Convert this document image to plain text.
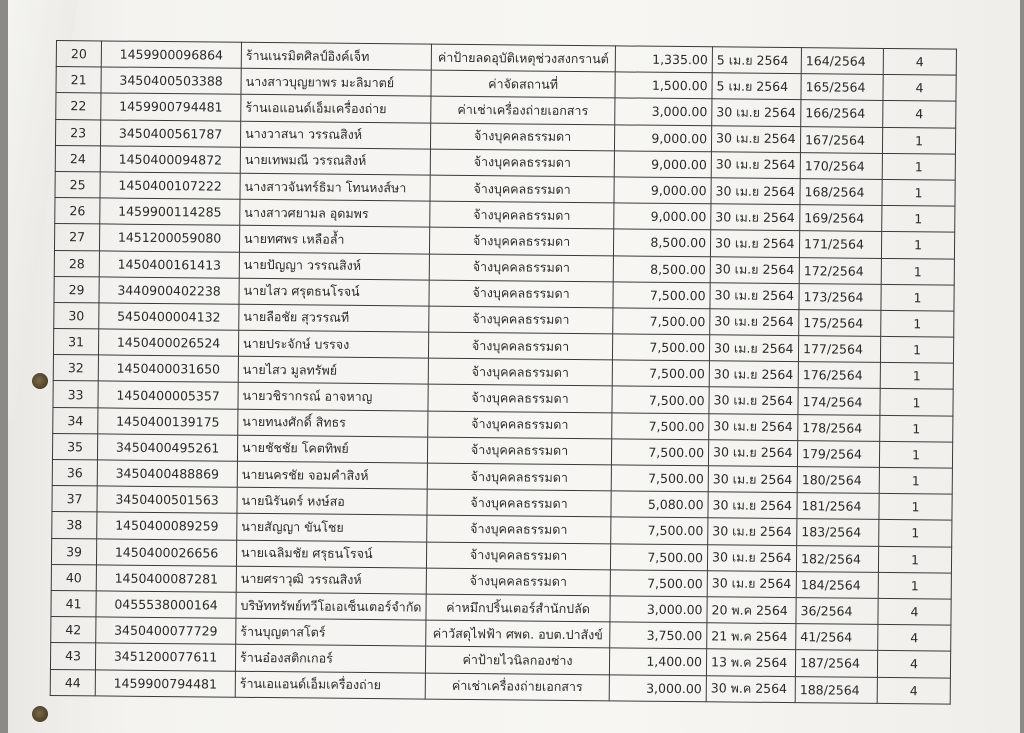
20	1459900096864	ร้านเนรมิตศิลป์อิงค์เจ็ท	ค่าป้ายลดอุบัติเหตุช่วงสงกรานต์	1,335.00	5 เม.ย 2564	164/2564	4
21	3450400503388	นางสาวบุญยาพร มะลิมาตย์	ค่าจัดสถานที่	1,500.00	5 เม.ย 2564	165/2564	4
22	1459900794481	ร้านเอแอนด์เอ็มเครื่องถ่าย	ค่าเช่าเครื่องถ่ายเอกสาร	3,000.00	30 เม.ย 2564	166/2564	4
23	3450400561787	นางวาสนา วรรณสิงห์	จ้างบุคคลธรรมดา	9,000.00	30 เม.ย 2564	167/2564	1
24	1450400094872	นายเทพมณี วรรณสิงห์	จ้างบุคคลธรรมดา	9,000.00	30 เม.ย 2564	170/2564	1
25	1450400107222	นางสาวจันทร์ธิมา โทนหงส์ษา	จ้างบุคคลธรรมดา	9,000.00	30 เม.ย 2564	168/2564	1
26	1459900114285	นางสาวศยามล อุดมพร	จ้างบุคคลธรรมดา	9,000.00	30 เม.ย 2564	169/2564	1
27	1451200059080	นายทศพร เหลือล้ำ	จ้างบุคคลธรรมดา	8,500.00	30 เม.ย 2564	171/2564	1
28	1450400161413	นายปัญญา วรรณสิงห์	จ้างบุคคลธรรมดา	8,500.00	30 เม.ย 2564	172/2564	1
29	3440900402238	นายไสว ศรุตธนโรจน์	จ้างบุคคลธรรมดา	7,500.00	30 เม.ย 2564	173/2564	1
30	5450400004132	นายลือชัย สุวรรณที	จ้างบุคคลธรรมดา	7,500.00	30 เม.ย 2564	175/2564	1
31	1450400026524	นายประจักษ์ บรรจง	จ้างบุคคลธรรมดา	7,500.00	30 เม.ย 2564	177/2564	1
32	1450400031650	นายไสว มูลทรัพย์	จ้างบุคคลธรรมดา	7,500.00	30 เม.ย 2564	176/2564	1
33	1450400005357	นายวชิรากรณ์ อาจหาญ	จ้างบุคคลธรรมดา	7,500.00	30 เม.ย 2564	174/2564	1
34	1450400139175	นายทนงศักดิ์ สิทธร	จ้างบุคคลธรรมดา	7,500.00	30 เม.ย 2564	178/2564	1
35	3450400495261	นายชัชชัย โคตทิพย์	จ้างบุคคลธรรมดา	7,500.00	30 เม.ย 2564	179/2564	1
36	3450400488869	นายนครชัย จอมคำสิงห์	จ้างบุคคลธรรมดา	7,500.00	30 เม.ย 2564	180/2564	1
37	3450400501563	นายนิรันดร์ หงษ์สอ	จ้างบุคคลธรรมดา	5,080.00	30 เม.ย 2564	181/2564	1
38	1450400089259	นายสัญญา ขันโชย	จ้างบุคคลธรรมดา	7,500.00	30 เม.ย 2564	183/2564	1
39	1450400026656	นายเฉลิมชัย ศรุธนโรจน์	จ้างบุคคลธรรมดา	7,500.00	30 เม.ย 2564	182/2564	1
40	1450400087281	นายศราวุฒิ วรรณสิงห์	จ้างบุคคลธรรมดา	7,500.00	30 เม.ย 2564	184/2564	1
41	0455538000164	บริษัททรัพย์ทวีโอเอเซ็นเตอร์จำกัด	ค่าหมึกปริ้นเตอร์สำนักปลัด	3,000.00	20 พ.ค 2564	36/2564	4
42	3450400077729	ร้านบุญตาสโตร์	ค่าวัสดุไฟฟ้า ศพด. อบต.ปาสังข์	3,750.00	21 พ.ค 2564	41/2564	4
43	3451200077611	ร้านอ๋องสติกเกอร์	ค่าป้ายไวนิลกองช่าง	1,400.00	13 พ.ค 2564	187/2564	4
44	1459900794481	ร้านเอแอนด์เอ็มเครื่องถ่าย	ค่าเช่าเครื่องถ่ายเอกสาร	3,000.00	30 พ.ค 2564	188/2564	4
